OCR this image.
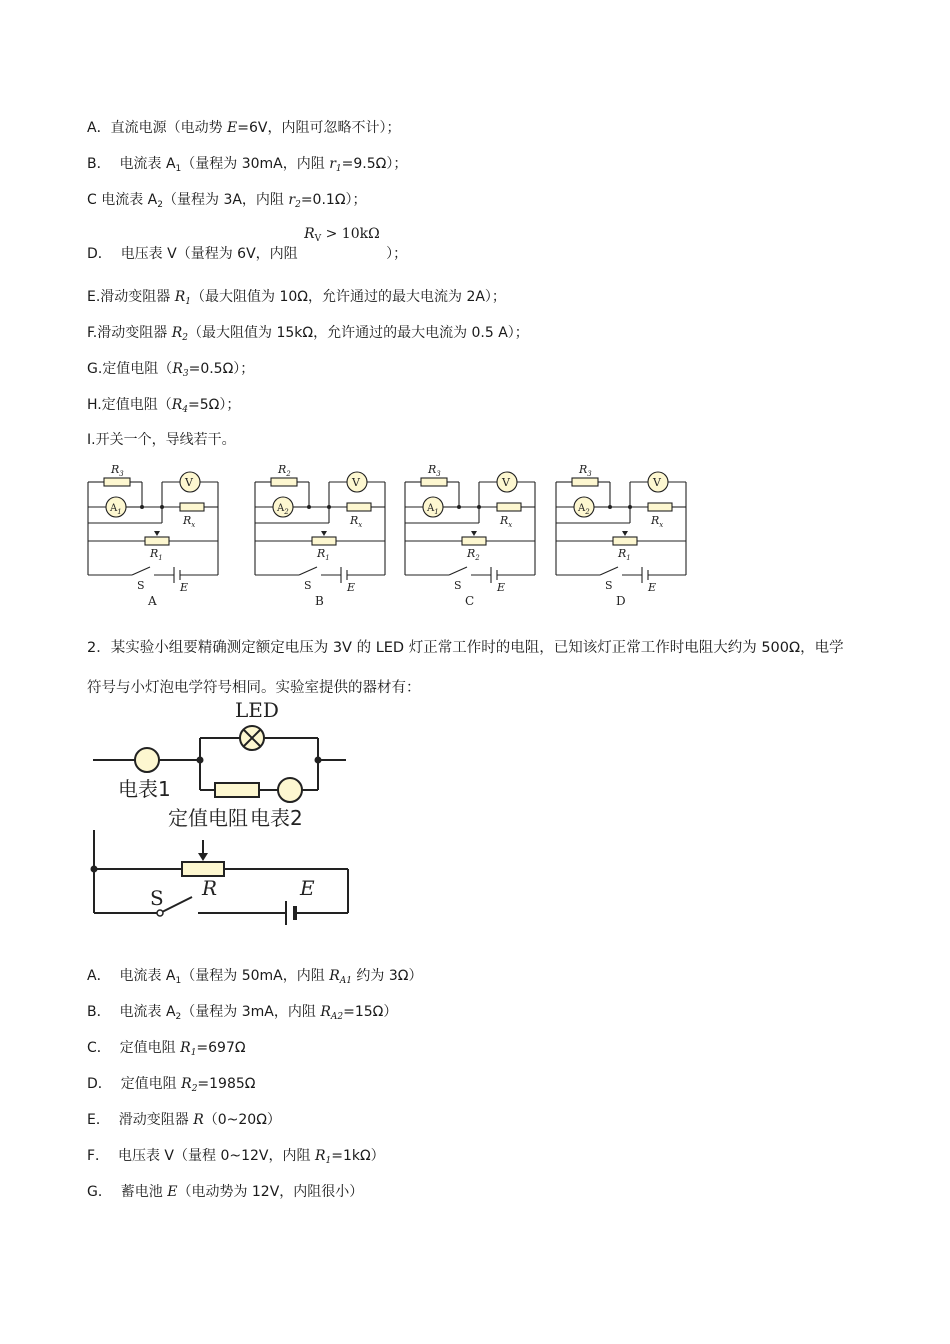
A．直流电源（电动势 E=6V，内阻可忽略不计）；
B． 电流表 $A_1$（量程为 30mA，内阻 $r_1=9.5\Omega$）；
C 电流表 $A_2$（量程为 3A，内阻 $r_2=0.1\Omega$）；
D． 电压表 V（量程为 6V，内阻
$R_V > 10k\Omega$
）；
E.滑动变阻器 $R_1$（最大阻值为 10Ω，允许通过的最大电流为 2A）；
F.滑动变阻器 $R_2$（最大阻值为 15kΩ，允许通过的最大电流为 0.5 A）；
G.定值电阻$(R_3=0.5\Omega)$；
H.定值电阻$(R_4=5\Omega)$；
I.开关一个，导线若干。
$R_3$
$A_1$
V
$R_x$
$R_1$
S	E
A
$R_2$
$A_2$
V
$R_x$
$R_1$
S	E
B
$R_3$
$A_1$
V
$R_x$
$R_2$
S	E
C
$R_3$
$A_2$
V
$R_x$
$R_1$
S	E
D
2．某实验小组要精确测定额定电压为 3V 的 LED 灯正常工作时的电阻，已知该灯正常工作时电阻大约为 500Ω，电学符号与小灯泡电学符号相同。实验室提供的器材有：
LED
电表1
定值电阻 电表2
S R	E
A． 电流表 $A_1$（量程为 50mA，内阻 $R_{A1}$ 约为 3Ω）
B． 电流表 $A_2$（量程为 3mA，内阻 $R_{A2}=15\Omega$）
C． 定值电阻 $R_1=697\Omega$
D． 定值电阻 $R_2=1985\Omega$
E． 滑动变阻器 R（0~20Ω）
F． 电压表 V（量程 0~12V，内阻 $R_1=1k\Omega$）
G． 蓄电池 E（电动势为 12V，内阻很小）
